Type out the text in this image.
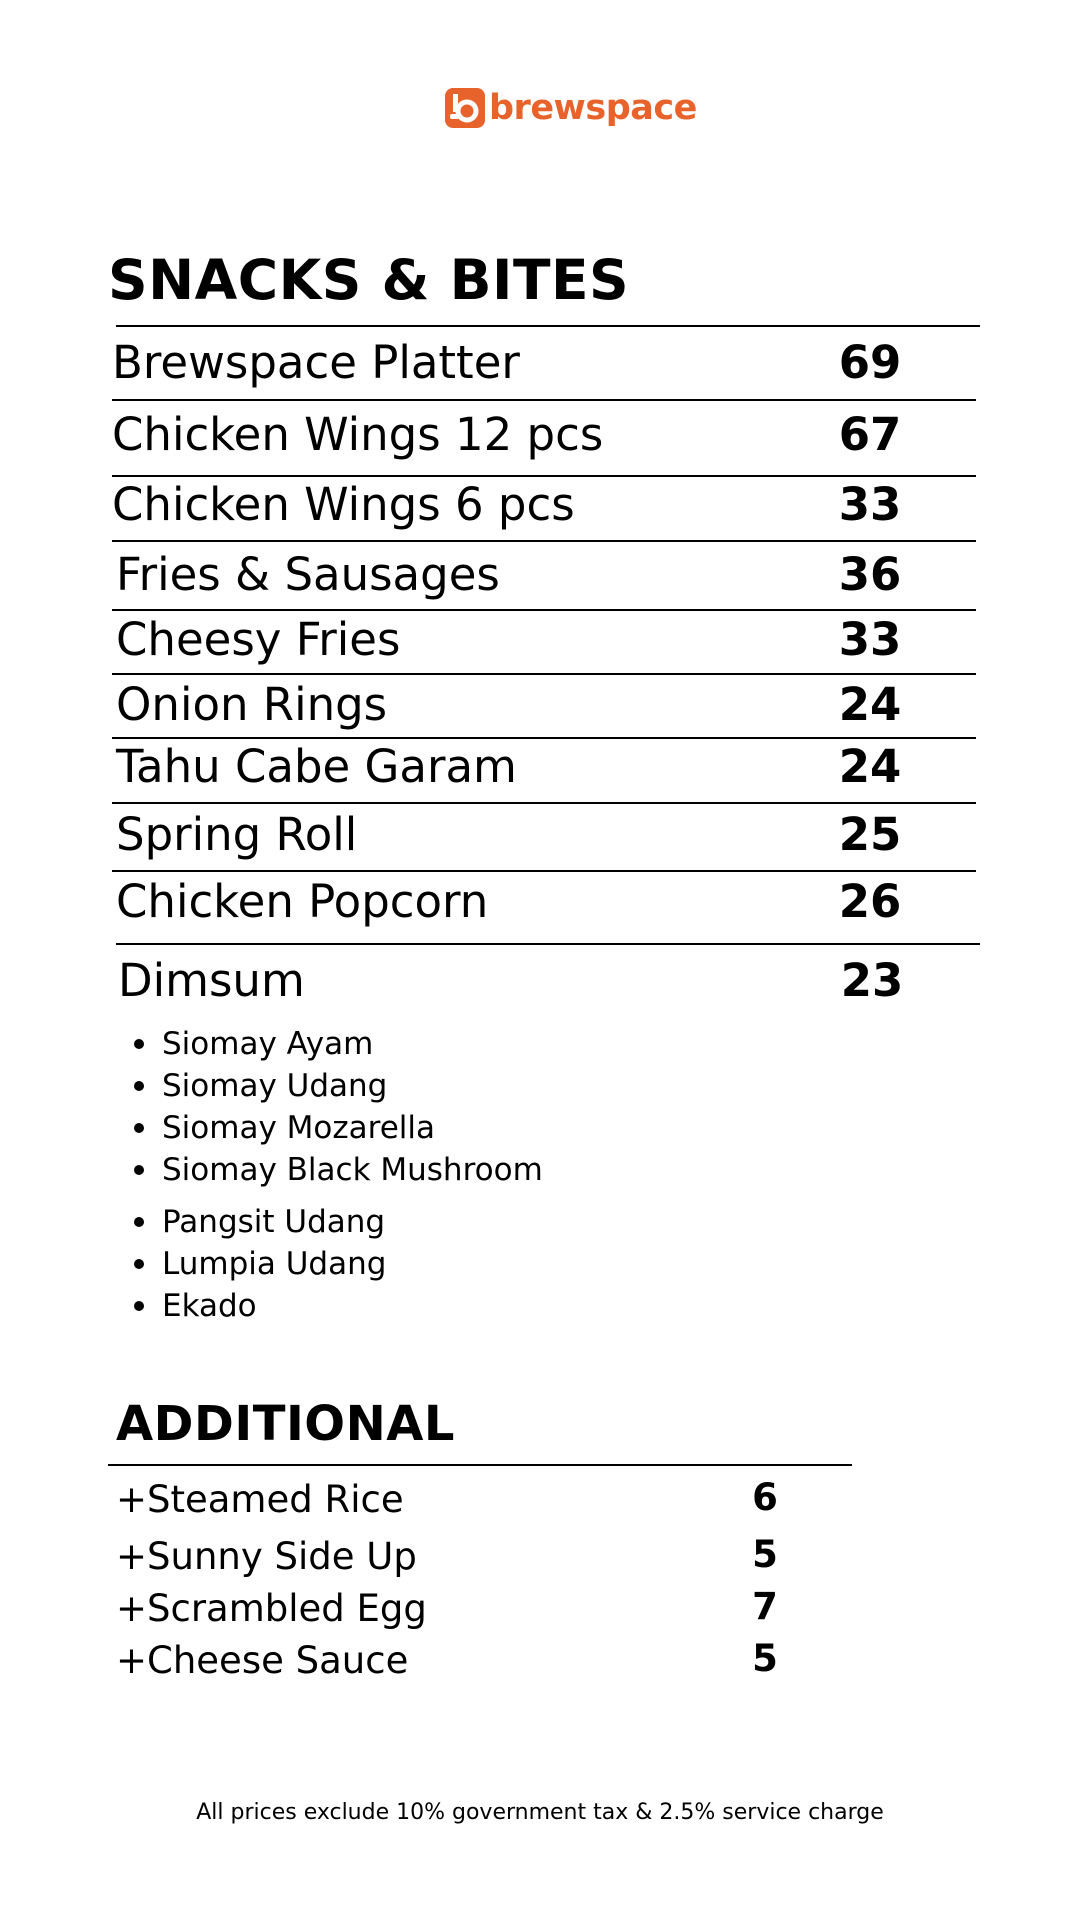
brewspace
SNACKS & BITES
Brewspace Platter	69
Chicken Wings 12 pcs	67
Chicken Wings 6 pcs	33
Fries & Sausages	36
Cheesy Fries	33
Onion Rings	24
Tahu Cabe Garam	24
Spring Roll	25
Chicken Popcorn	26
Dimsum	23
Siomay Ayam
Siomay Udang
Siomay Mozarella
Siomay Black Mushroom
Pangsit Udang
Lumpia Udang
Ekado
ADDITIONAL
+Steamed Rice	6
+Sunny Side Up	5
+Scrambled Egg	7
+Cheese Sauce	5
All prices exclude 10% government tax & 2.5% service charge
